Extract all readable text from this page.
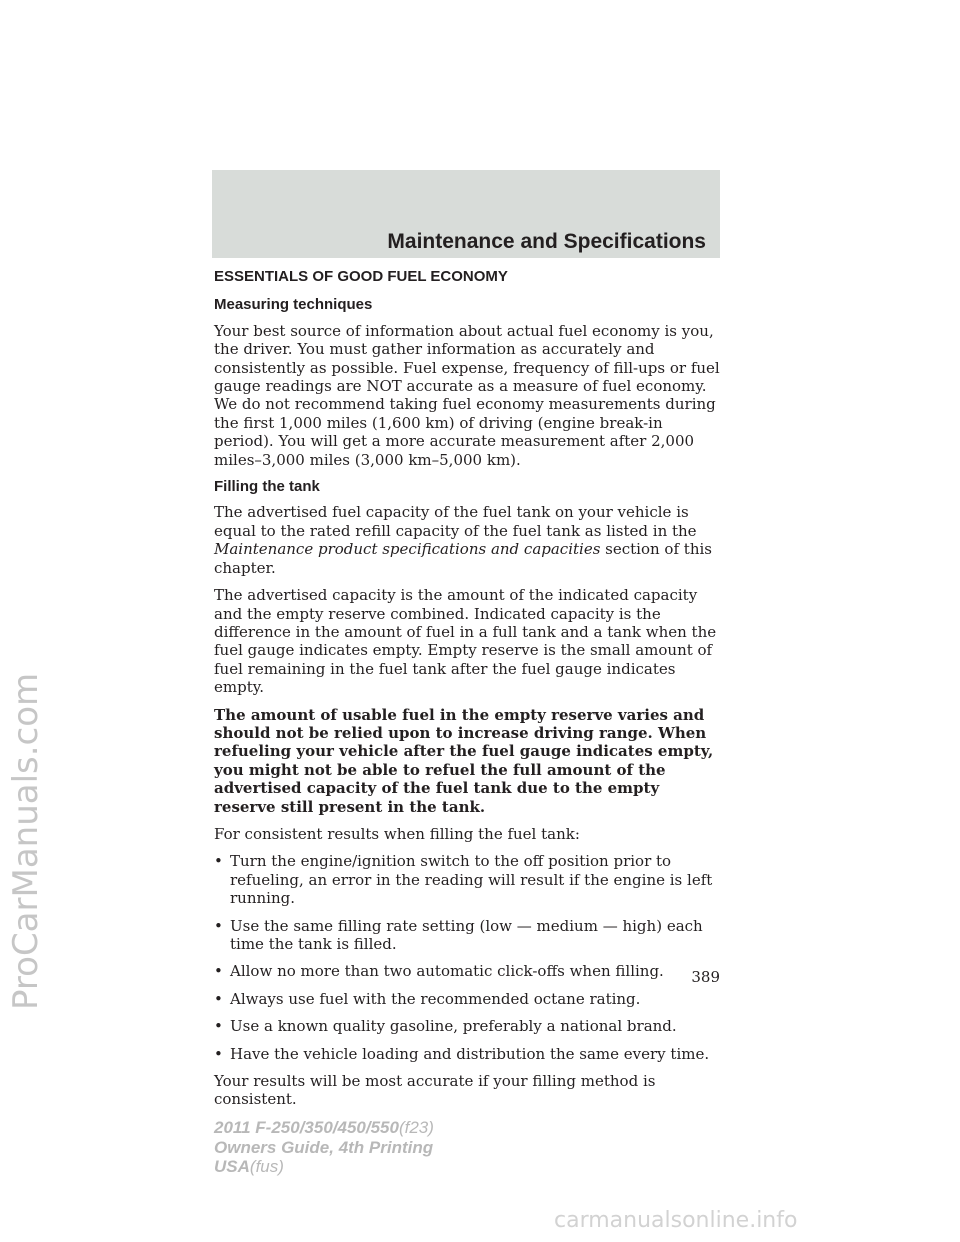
Maintenance and Specifications
ProCarManuals.com
ESSENTIALS OF GOOD FUEL ECONOMY
Measuring techniques

Your best source of information about actual fuel economy is you, the driver. You must gather information as accurately and consistently as possible. Fuel expense, frequency of fill-ups or fuel gauge readings are NOT accurate as a measure of fuel economy. We do not recommend taking fuel economy measurements during the first 1,000 miles (1,600 km) of driving (engine break-in period). You will get a more accurate measurement after 2,000 miles–3,000 miles (3,000 km–5,000 km).

Filling the tank

The advertised fuel capacity of the fuel tank on your vehicle is equal to the rated refill capacity of the fuel tank as listed in the Maintenance product specifications and capacities section of this chapter.

The advertised capacity is the amount of the indicated capacity and the empty reserve combined. Indicated capacity is the difference in the amount of fuel in a full tank and a tank when the fuel gauge indicates empty. Empty reserve is the small amount of fuel remaining in the fuel tank after the fuel gauge indicates empty.

The amount of usable fuel in the empty reserve varies and should not be relied upon to increase driving range. When refueling your vehicle after the fuel gauge indicates empty, you might not be able to refuel the full amount of the advertised capacity of the fuel tank due to the empty reserve still present in the tank.

For consistent results when filling the fuel tank:

• Turn the engine/ignition switch to the off position prior to refueling, an error in the reading will result if the engine is left running.
• Use the same filling rate setting (low — medium — high) each time the tank is filled.
• Allow no more than two automatic click-offs when filling.
• Always use fuel with the recommended octane rating.
• Use a known quality gasoline, preferably a national brand.
• Have the vehicle loading and distribution the same every time.

Your results will be most accurate if your filling method is consistent.

389
2011 F-250/350/450/550(f23)
Owners Guide, 4th Printing
USA(fus)
carmanualsonline.info
